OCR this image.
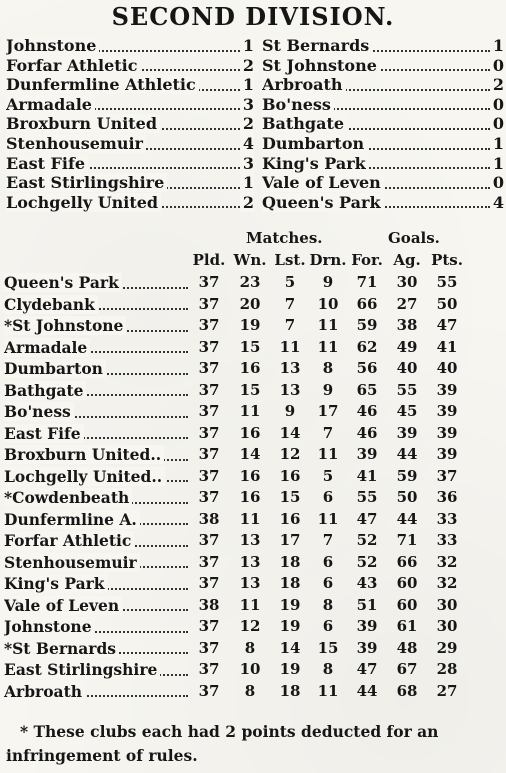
SECOND DIVISION.
Johnstone	1 St Bernards	1
Forfar Athletic	2 St Johnstone	0
Dunfermline Athletic	1 Arbroath	2
Armadale	3 Bo'ness	0
Broxburn United	2 Bathgate	0
Stenhousemuir	4 Dumbarton	1
East Fife	3 King's Park	1
East Stirlingshire	1 Vale of Leven	0
Lochgelly United	2 Queen's Park	4
Matches.	Goals.
Pld. Wn. Lst. Drn. For. Ag. Pts.
Queen's Park	37	23	5	9	71	30	55
Clydebank	37	20	7	10	66	27	50
*St Johnstone	37	19	7	11	59	38	47
Armadale	37	15	11	11	62	49	41
Dumbarton	37	16	13	8	56	40	40
Bathgate	37	15	13	9	65	55	39
Bo'ness	37	11	9	17	46	45	39
East Fife	37	16	14	7	46	39	39
Broxburn United..	37	14	12	11	39	44	39
Lochgelly United..	37	16	16	5	41	59	37
*Cowdenbeath	37	16	15	6	55	50	36
Dunfermline A.	38	11	16	11	47	44	33
Forfar Athletic	37	13	17	7	52	71	33
Stenhousemuir	37	13	18	6	52	66	32
King's Park	37	13	18	6	43	60	32
Vale of Leven	38	11	19	8	51	60	30
Johnstone	37	12	19	6	39	61	30
*St Bernards	37	8	14	15	39	48	29
East Stirlingshire	37	10	19	8	47	67	28
Arbroath	37	8	18	11	44	68	27
* These clubs each had 2 points deducted for an infringement of rules.
